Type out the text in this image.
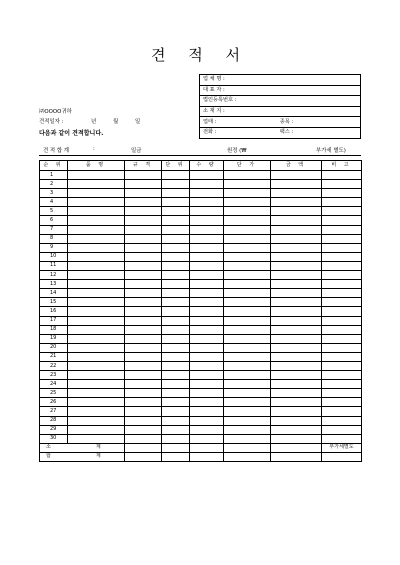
견 적 서
업 체 명 :	
대 표 자 :	
법인등록번호 :	
소 재 지 :	
업태 :	종목 :
전화 :	팩스 :
㈜OOOO귀하
견적일자 :	년	월	일
다음과 같이 견적합니다.
견 적 합 계	:	일금	원정 (₩	부가세 별도)
순 위	품 명	규 격	단 위	수 량	단 가	금 액	비 고
1							
2							
3							
4							
5							
6							
7							
8							
9							
10							
11							
12							
13							
14							
15							
16							
17							
18							
19							
20							
21							
22							
23							
24							
25							
26							
27							
28							
29							
30							
소 계							부가세별도
합 계							
